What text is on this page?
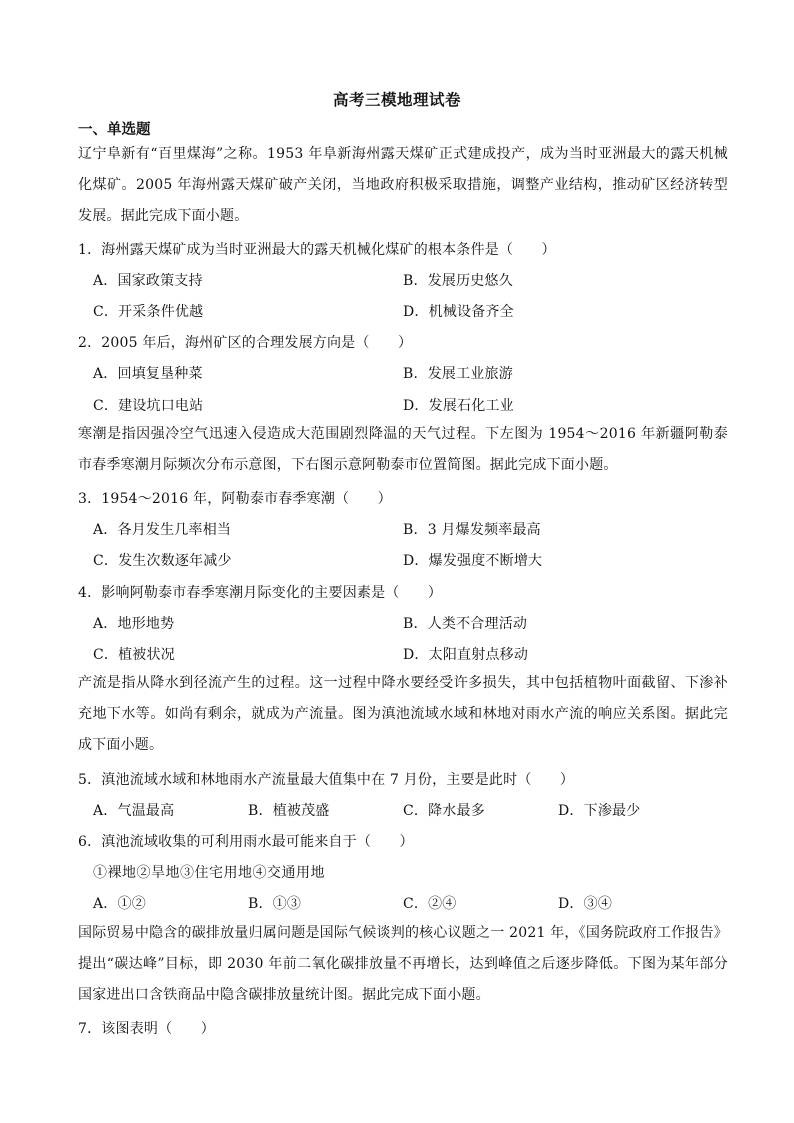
高考三模地理试卷
一、单选题
辽宁阜新有“百里煤海”之称。1953 年阜新海州露天煤矿正式建成投产，成为当时亚洲最大的露天机械化煤矿。2005 年海州露天煤矿破产关闭，当地政府积极采取措施，调整产业结构，推动矿区经济转型发展。据此完成下面小题。
1．海州露天煤矿成为当时亚洲最大的露天机械化煤矿的根本条件是（　　）
A．国家政策支持	B．发展历史悠久
C．开采条件优越	D．机械设备齐全
2．2005 年后，海州矿区的合理发展方向是（　　）
A．回填复垦种菜	B．发展工业旅游
C．建设坑口电站	D．发展石化工业
寒潮是指因强冷空气迅速入侵造成大范围剧烈降温的天气过程。下左图为 1954～2016 年新疆阿勒泰市春季寒潮月际频次分布示意图，下右图示意阿勒泰市位置简图。据此完成下面小题。
3．1954～2016 年，阿勒泰市春季寒潮（　　）
A．各月发生几率相当	B．3 月爆发频率最高
C．发生次数逐年减少	D．爆发强度不断增大
4．影响阿勒泰市春季寒潮月际变化的主要因素是（　　）
A．地形地势	B．人类不合理活动
C．植被状况	D．太阳直射点移动
产流是指从降水到径流产生的过程。这一过程中降水要经受许多损失，其中包括植物叶面截留、下渗补充地下水等。如尚有剩余，就成为产流量。图为滇池流域水域和林地对雨水产流的响应关系图。据此完成下面小题。
5．滇池流域水域和林地雨水产流量最大值集中在 7 月份，主要是此时（　　）
A．气温最高	B．植被茂盛	C．降水最多	D．下渗最少
6．滇池流域收集的可利用雨水最可能来自于（　　）
①裸地②旱地③住宅用地④交通用地
A．①②	B．①③	C．②④	D．③④
国际贸易中隐含的碳排放量归属问题是国际气候谈判的核心议题之一 2021 年，《国务院政府工作报告》提出“碳达峰”目标，即 2030 年前二氧化碳排放量不再增长，达到峰值之后逐步降低。下图为某年部分国家进出口含铁商品中隐含碳排放量统计图。据此完成下面小题。
7．该图表明（　　）
